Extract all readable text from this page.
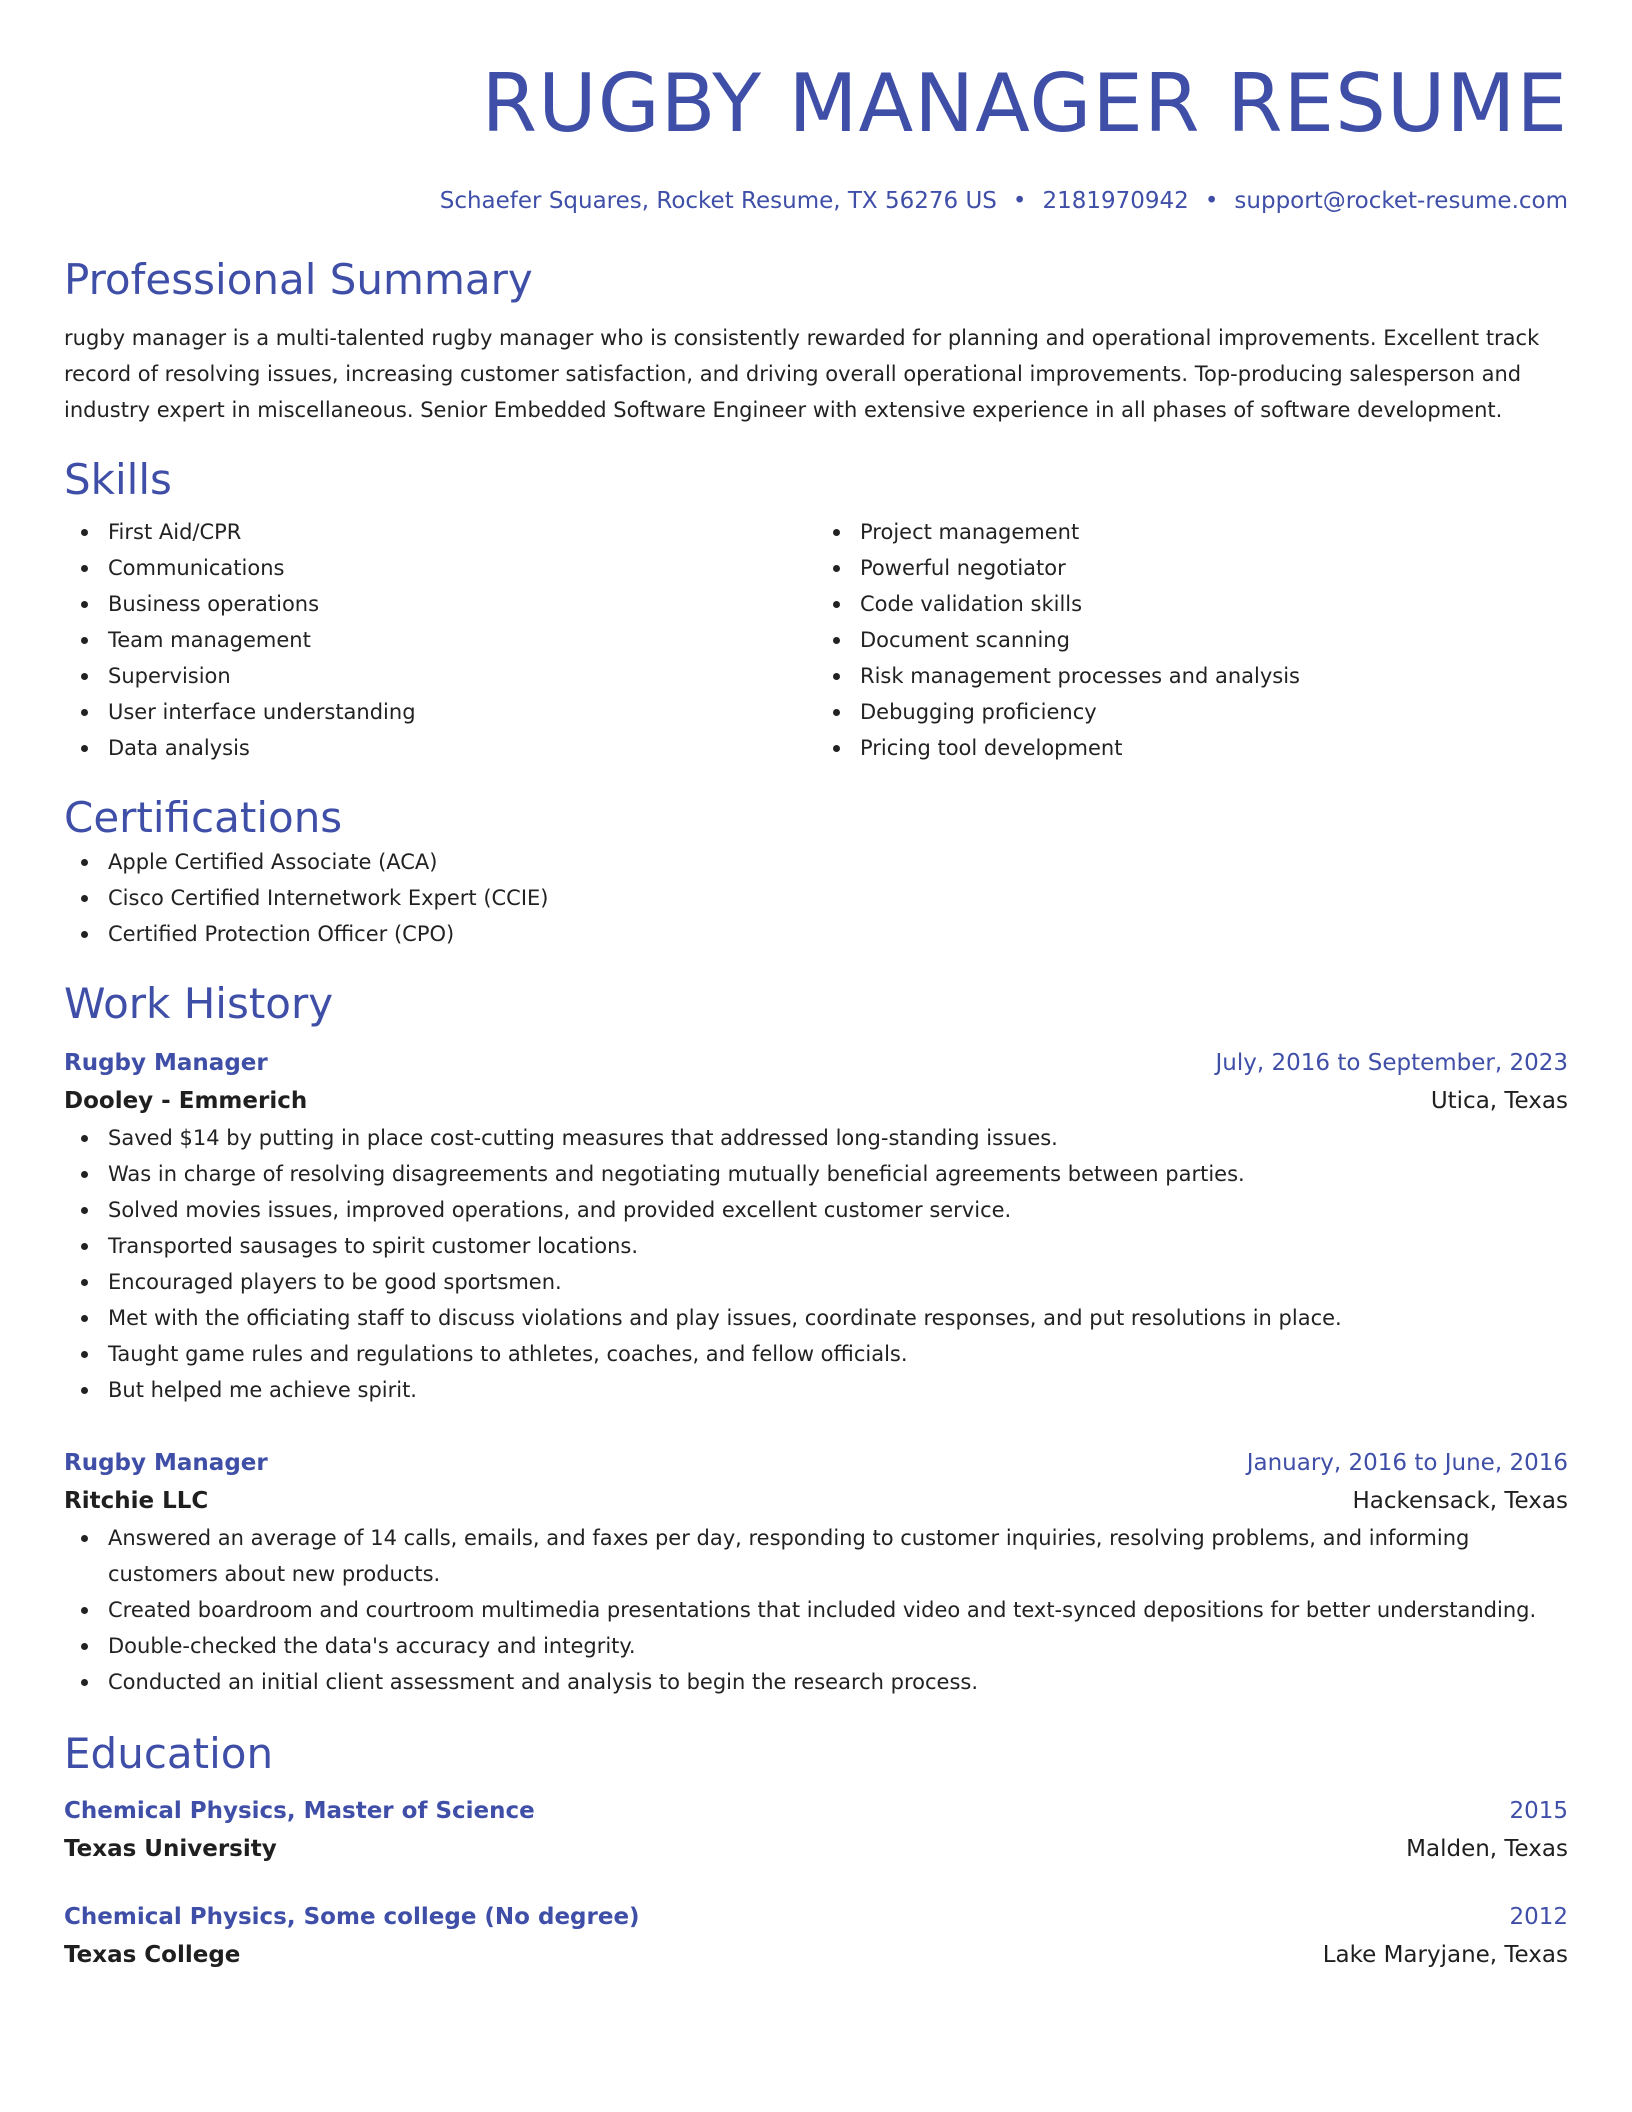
RUGBY MANAGER RESUME
Schaefer Squares, Rocket Resume, TX 56276 US • 2181970942 • support@rocket-resume.com
Professional Summary
rugby manager is a multi-talented rugby manager who is consistently rewarded for planning and operational improvements. Excellent track record of resolving issues, increasing customer satisfaction, and driving overall operational improvements. Top-producing salesperson and industry expert in miscellaneous. Senior Embedded Software Engineer with extensive experience in all phases of software development.
Skills
First Aid/CPR
Communications
Business operations
Team management
Supervision
User interface understanding
Data analysis
Project management
Powerful negotiator
Code validation skills
Document scanning
Risk management processes and analysis
Debugging proficiency
Pricing tool development
Certifications
Apple Certified Associate (ACA)
Cisco Certified Internetwork Expert (CCIE)
Certified Protection Officer (CPO)
Work History
Rugby Manager	July, 2016 to September, 2023
Dooley - Emmerich	Utica, Texas
Saved $14 by putting in place cost-cutting measures that addressed long-standing issues.
Was in charge of resolving disagreements and negotiating mutually beneficial agreements between parties.
Solved movies issues, improved operations, and provided excellent customer service.
Transported sausages to spirit customer locations.
Encouraged players to be good sportsmen.
Met with the officiating staff to discuss violations and play issues, coordinate responses, and put resolutions in place.
Taught game rules and regulations to athletes, coaches, and fellow officials.
But helped me achieve spirit.
Rugby Manager	January, 2016 to June, 2016
Ritchie LLC	Hackensack, Texas
Answered an average of 14 calls, emails, and faxes per day, responding to customer inquiries, resolving problems, and informing customers about new products.
Created boardroom and courtroom multimedia presentations that included video and text-synced depositions for better understanding.
Double-checked the data's accuracy and integrity.
Conducted an initial client assessment and analysis to begin the research process.
Education
Chemical Physics, Master of Science	2015
Texas University	Malden, Texas
Chemical Physics, Some college (No degree)	2012
Texas College	Lake Maryjane, Texas
